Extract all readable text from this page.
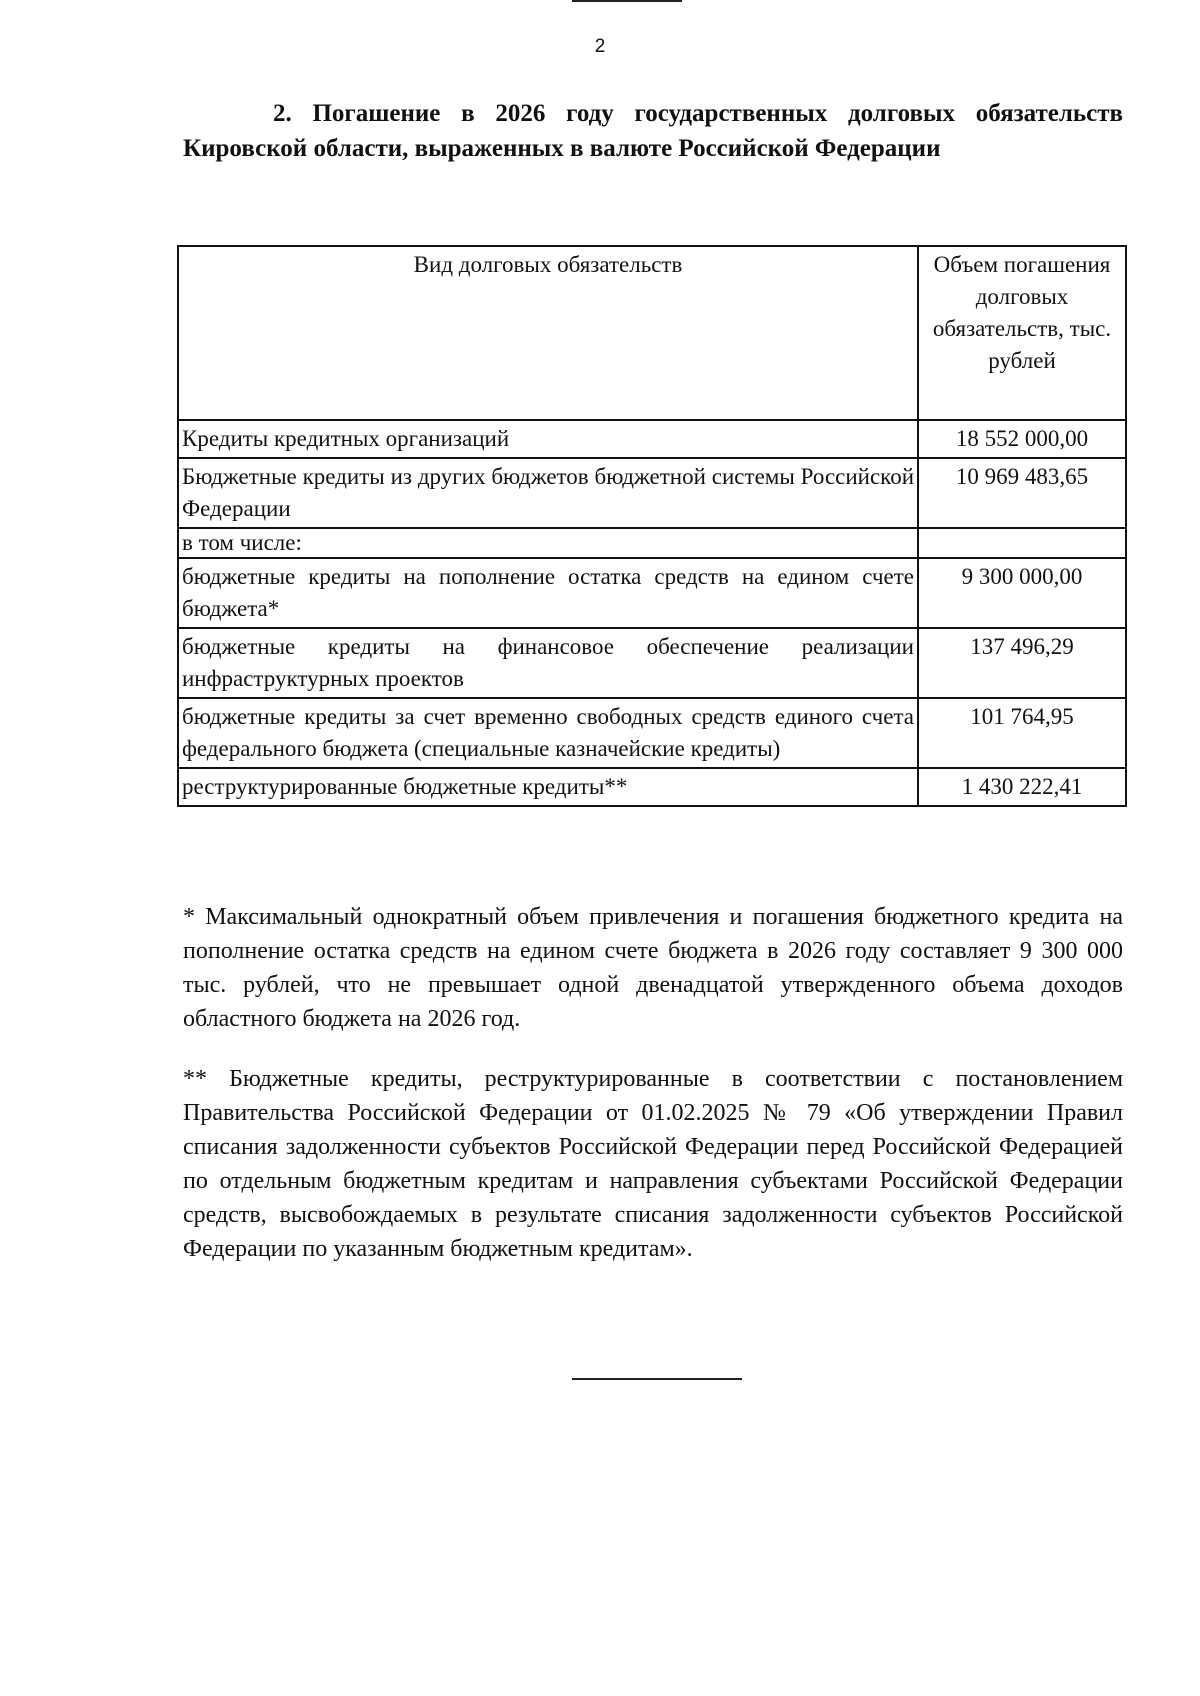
2

2. Погашение в 2026 году государственных долговых обязательств Кировской области, выраженных в валюте Российской Федерации

Вид долговых обязательств	Объем погашения долговых обязательств, тыс. рублей
Кредиты кредитных организаций	18 552 000,00
Бюджетные кредиты из других бюджетов бюджетной системы Российской Федерации	10 969 483,65
в том числе:	
бюджетные кредиты на пополнение остатка средств на едином счете бюджета*	9 300 000,00
бюджетные кредиты на финансовое обеспечение реализации инфраструктурных проектов	137 496,29
бюджетные кредиты за счет временно свободных средств единого счета федерального бюджета (специальные казначейские кредиты)	101 764,95
реструктурированные бюджетные кредиты**	1 430 222,41

* Максимальный однократный объем привлечения и погашения бюджетного кредита на пополнение остатка средств на едином счете бюджета в 2026 году составляет 9 300 000 тыс. рублей, что не превышает одной двенадцатой утвержденного объема доходов областного бюджета на 2026 год.

** Бюджетные кредиты, реструктурированные в соответствии с постановлением Правительства Российской Федерации от 01.02.2025 № 79 «Об утверждении Правил списания задолженности субъектов Российской Федерации перед Российской Федерацией по отдельным бюджетным кредитам и направления субъектами Российской Федерации средств, высвобождаемых в результате списания задолженности субъектов Российской Федерации по указанным бюджетным кредитам».
